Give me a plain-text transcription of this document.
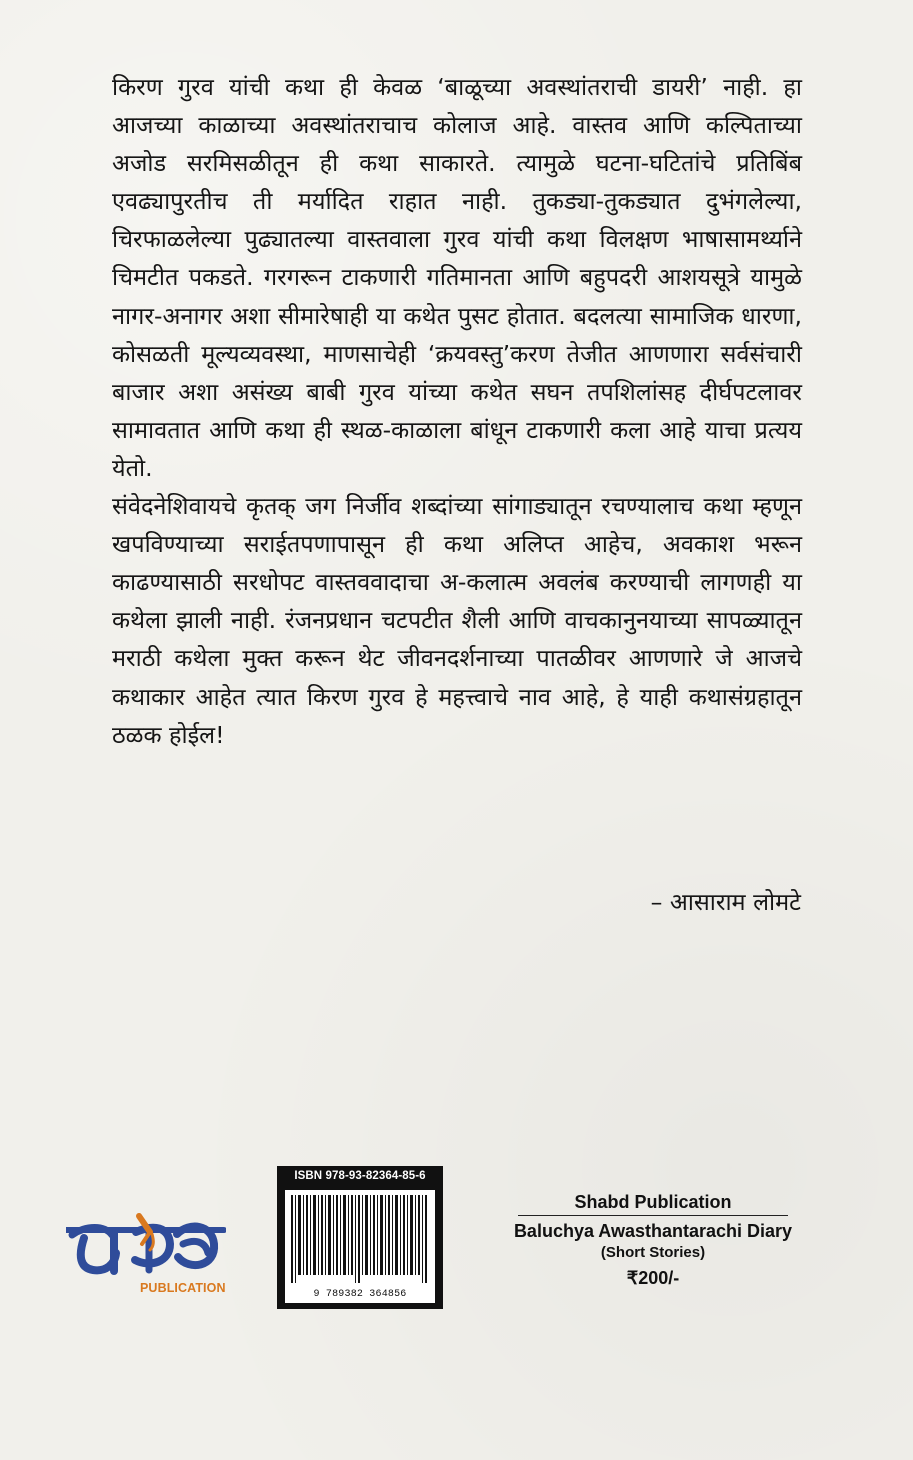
किरण गुरव यांची कथा ही केवळ ‘बाळूच्या अवस्थांतराची डायरी’ नाही. हा आजच्या काळाच्या अवस्थांतराचाच कोलाज आहे. वास्तव आणि कल्पिताच्या अजोड सरमिसळीतून ही कथा साकारते. त्यामुळे घटना-घटितांचे प्रतिबिंब एवढ्यापुरतीच ती मर्यादित राहात नाही. तुकड्या-तुकड्यात दुभंगलेल्या, चिरफाळलेल्या पुढ्यातल्या वास्तवाला गुरव यांची कथा विलक्षण भाषासामर्थ्याने चिमटीत पकडते. गरगरून टाकणारी गतिमानता आणि बहुपदरी आशयसूत्रे यामुळे नागर-अनागर अशा सीमारेषाही या कथेत पुसट होतात. बदलत्या सामाजिक धारणा, कोसळती मूल्यव्यवस्था, माणसाचेही ‘क्रयवस्तु’करण तेजीत आणणारा सर्वसंचारी बाजार अशा असंख्य बाबी गुरव यांच्या कथेत सघन तपशिलांसह दीर्घपटलावर सामावतात आणि कथा ही स्थळ-काळाला बांधून टाकणारी कला आहे याचा प्रत्यय येतो.

संवेदनेशिवायचे कृतक् जग निर्जीव शब्दांच्या सांगाड्यातून रचण्यालाच कथा म्हणून खपविण्याच्या सराईतपणापासून ही कथा अलिप्त आहेच, अवकाश भरून काढण्यासाठी सरधोपट वास्तववादाचा अ-कलात्म अवलंब करण्याची लागणही या कथेला झाली नाही. रंजनप्रधान चटपटीत शैली आणि वाचकानुनयाच्या सापळ्यातून मराठी कथेला मुक्त करून थेट जीवनदर्शनाच्या पातळीवर आणणारे जे आजचे कथाकार आहेत त्यात किरण गुरव हे महत्त्वाचे नाव आहे, हे याही कथासंग्रहातून ठळक होईल!

– आसाराम लोमटे
PUBLICATION
ISBN 978-93-82364-85-6
9 789382 364856
Shabd Publication
Baluchya Awasthantarachi Diary
(Short Stories)
₹200/-
